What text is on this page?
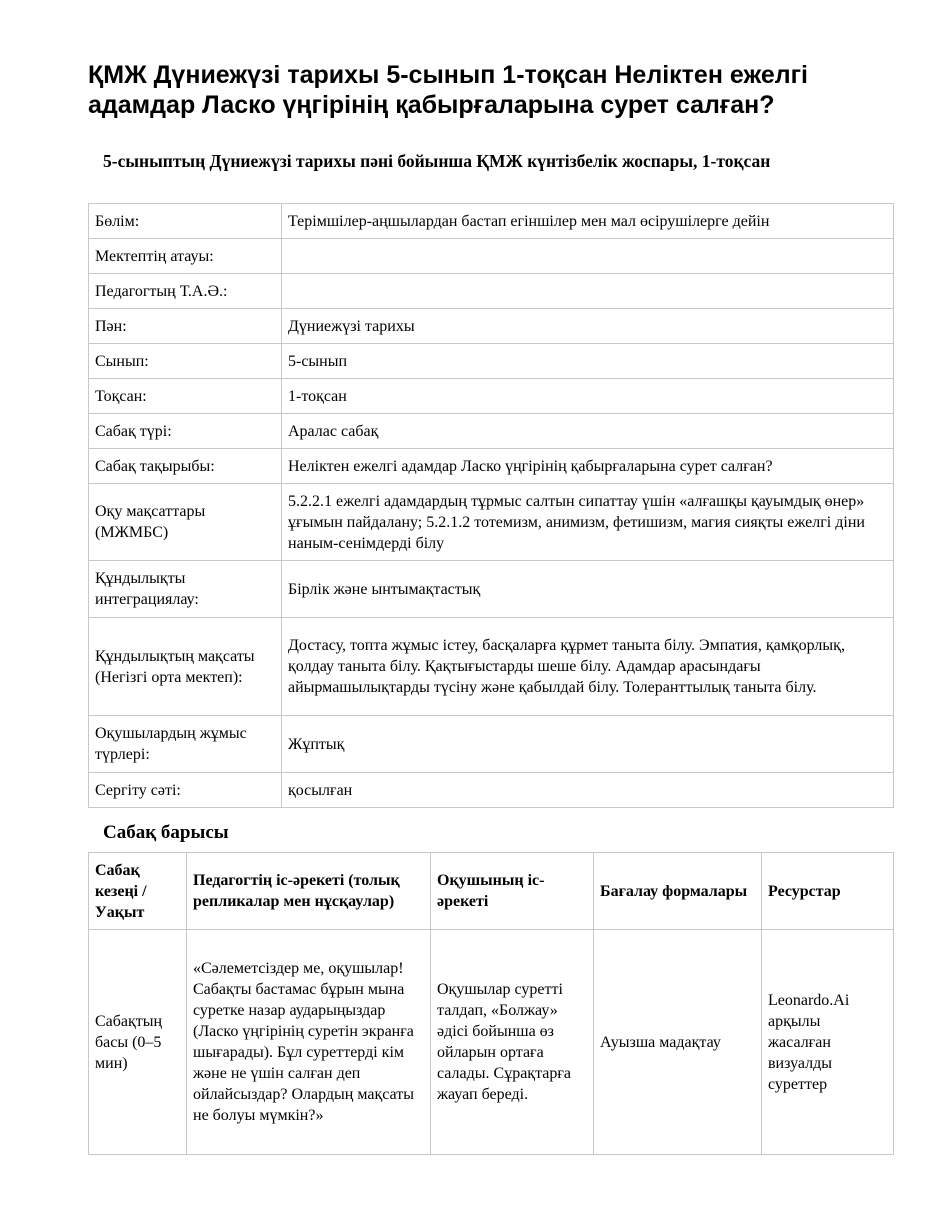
ҚМЖ Дүниежүзі тарихы 5-сынып 1-тоқсан Неліктен ежелгі адамдар Ласко үңгірінің қабырғаларына сурет салған?
5-сыныптың Дүниежүзі тарихы пәні бойынша ҚМЖ күнтізбелік жоспары, 1-тоқсан
Бөлім:	Терімшілер-аңшылардан бастап егіншілер мен мал өсірушілерге дейін
Мектептің атауы:	
Педагогтың Т.А.Ә.:	
Пән:	Дүниежүзі тарихы
Сынып:	5-сынып
Тоқсан:	1-тоқсан
Сабақ түрі:	Аралас сабақ
Сабақ тақырыбы:	Неліктен ежелгі адамдар Ласко үңгірінің қабырғаларына сурет салған?
Оқу мақсаттары (МЖМБС)	5.2.2.1 ежелгі адамдардың тұрмыс салтын сипаттау үшін «алғашқы қауымдық өнер» ұғымын пайдалану; 5.2.1.2 тотемизм, анимизм, фетишизм, магия сияқты ежелгі діни наным-сенімдерді білу
Құндылықты интеграциялау:	Бірлік және ынтымақтастық
Құндылықтың мақсаты (Негізгі орта мектеп):	Достасу, топта жұмыс істеу, басқаларға құрмет таныта білу. Эмпатия, қамқорлық, қолдау таныта білу. Қақтығыстарды шеше білу. Адамдар арасындағы айырмашылықтарды түсіну және қабылдай білу. Толеранттылық таныта білу.
Оқушылардың жұмыс түрлері:	Жұптық
Сергіту сәті:	қосылған
Сабақ барысы
Сабақ кезеңі / Уақыт	Педагогтің іс-әрекеті (толық репликалар мен нұсқаулар)	Оқушының іс-әрекеті	Бағалау формалары	Ресурстар
Сабақтың басы (0–5 мин)	«Сәлеметсіздер ме, оқушылар! Сабақты бастамас бұрын мына суретке назар аударыңыздар (Ласко үңгірінің суретін экранға шығарады). Бұл суреттерді кім және не үшін салған деп ойлайсыздар? Олардың мақсаты не болуы мүмкін?»	Оқушылар суретті талдап, «Болжау» әдісі бойынша өз ойларын ортаға салады. Сұрақтарға жауап береді.	Ауызша мадақтау	Leonardo.Ai арқылы жасалған визуалды суреттер
